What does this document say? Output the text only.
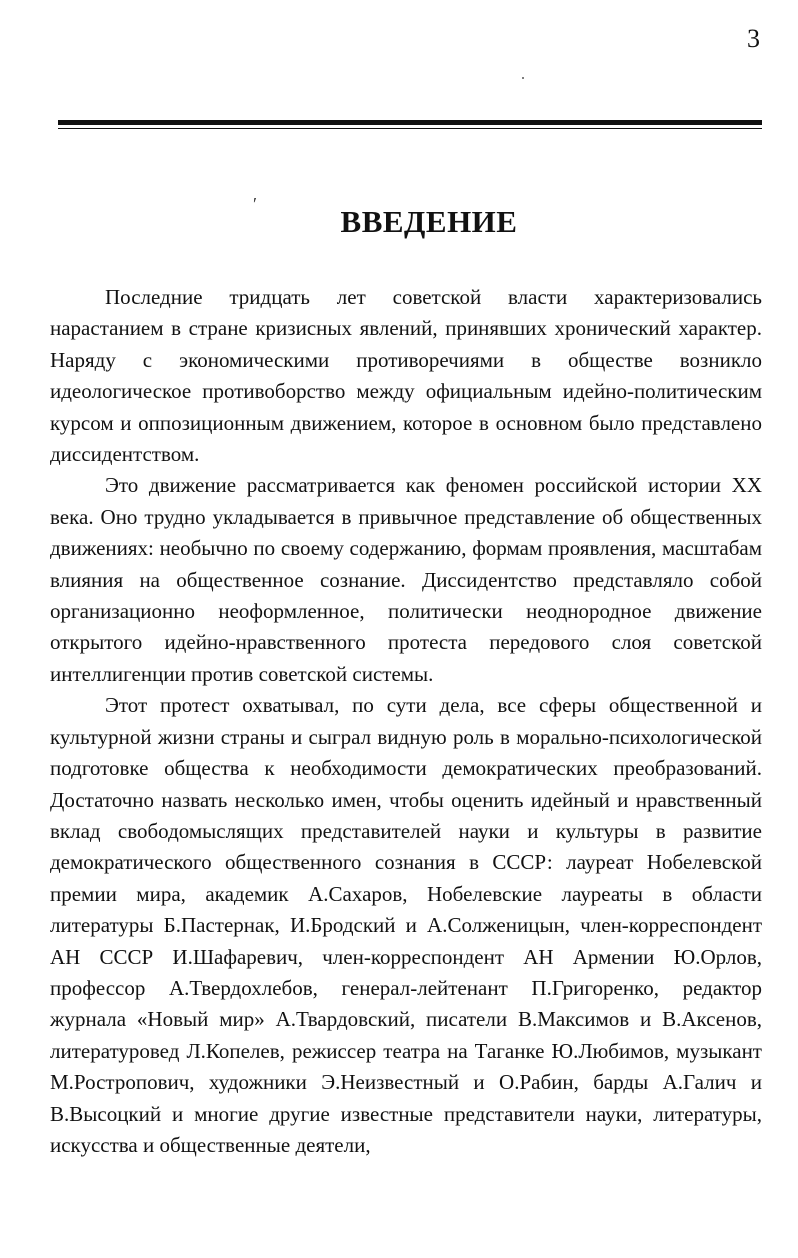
3
′	ВВЕДЕНИЕ

Последние тридцать лет советской власти характеризовались нарастанием в стране кризисных явлений, принявших хронический характер. Наряду с экономическими противоречиями в обществе возникло идеологическое противоборство между официальным идейно-политическим курсом и оппозиционным движением, которое в основном было представлено диссидентством.

Это движение рассматривается как феномен российской истории XX века. Оно трудно укладывается в привычное представление об общественных движениях: необычно по своему содержанию, формам проявления, масштабам влияния на общественное сознание. Диссидентство представляло собой организационно неоформленное, политически неоднородное движение открытого идейно-нравственного протеста передового слоя советской интеллигенции против советской системы.

Этот протест охватывал, по сути дела, все сферы общественной и культурной жизни страны и сыграл видную роль в морально-психологической подготовке общества к необходимости демократических преобразований. Достаточно назвать несколько имен, чтобы оценить идейный и нравственный вклад свободомыслящих представителей науки и культуры в развитие демократического общественного сознания в СССР: лауреат Нобелевской премии мира, академик А.Сахаров, Нобелевские лауреаты в области литературы Б.Пастернак, И.Бродский и А.Солженицын, член-корреспондент АН СССР И.Шафаревич, член-корреспондент АН Армении Ю.Орлов, профессор А.Твердохлебов, генерал-лейтенант П.Григоренко, редактор журнала «Новый мир» А.Твардовский, писатели В.Максимов и В.Аксенов, литературовед Л.Копелев, режиссер театра на Таганке Ю.Любимов, музыкант М.Ростропович, художники Э.Неизвестный и О.Рабин, барды А.Галич и В.Высоцкий и многие другие известные представители науки, литературы, искусства и общественные деятели,
